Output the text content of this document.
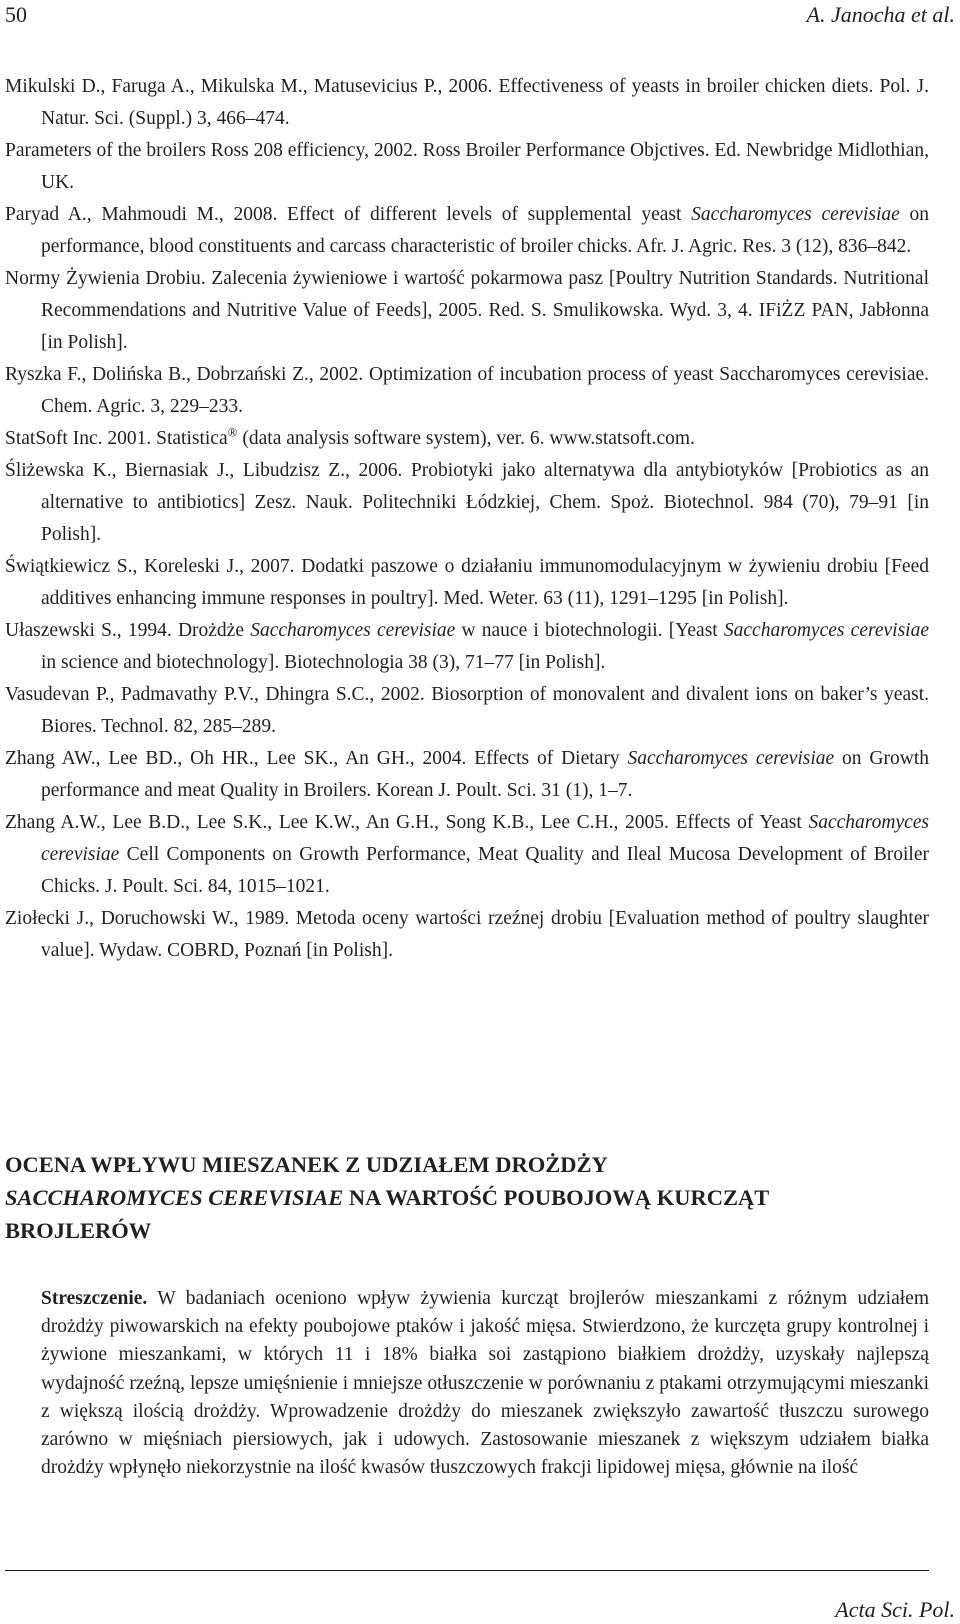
50	A. Janocha et al.

Mikulski D., Faruga A., Mikulska M., Matusevicius P., 2006. Effectiveness of yeasts in broiler chicken diets. Pol. J. Natur. Sci. (Suppl.) 3, 466–474.

Parameters of the broilers Ross 208 efficiency, 2002. Ross Broiler Performance Objctives. Ed. Newbridge Midlothian, UK.

Paryad A., Mahmoudi M., 2008. Effect of different levels of supplemental yeast Saccharomyces cerevisiae on performance, blood constituents and carcass characteristic of broiler chicks. Afr. J. Agric. Res. 3 (12), 836–842.

Normy Żywienia Drobiu. Zalecenia żywieniowe i wartość pokarmowa pasz [Poultry Nutrition Standards. Nutritional Recommendations and Nutritive Value of Feeds], 2005. Red. S. Smulikowska. Wyd. 3, 4. IFiŻZ PAN, Jabłonna [in Polish].

Ryszka F., Dolińska B., Dobrzański Z., 2002. Optimization of incubation process of yeast Saccharomyces cerevisiae. Chem. Agric. 3, 229–233.

StatSoft Inc. 2001. Statistica® (data analysis software system), ver. 6. www.statsoft.com.

Śliżewska K., Biernasiak J., Libudzisz Z., 2006. Probiotyki jako alternatywa dla antybiotyków [Probiotics as an alternative to antibiotics] Zesz. Nauk. Politechniki Łódzkiej, Chem. Spoż. Biotechnol. 984 (70), 79–91 [in Polish].

Świątkiewicz S., Koreleski J., 2007. Dodatki paszowe o działaniu immunomodulacyjnym w żywieniu drobiu [Feed additives enhancing immune responses in poultry]. Med. Weter. 63 (11), 1291–1295 [in Polish].

Ułaszewski S., 1994. Drożdże Saccharomyces cerevisiae w nauce i biotechnologii. [Yeast Saccharomyces cerevisiae in science and biotechnology]. Biotechnologia 38 (3), 71–77 [in Polish].

Vasudevan P., Padmavathy P.V., Dhingra S.C., 2002. Biosorption of monovalent and divalent ions on baker’s yeast. Biores. Technol. 82, 285–289.

Zhang AW., Lee BD., Oh HR., Lee SK., An GH., 2004. Effects of Dietary Saccharomyces cerevisiae on Growth performance and meat Quality in Broilers. Korean J. Poult. Sci. 31 (1), 1–7.

Zhang A.W., Lee B.D., Lee S.K., Lee K.W., An G.H., Song K.B., Lee C.H., 2005. Effects of Yeast Saccharomyces cerevisiae Cell Components on Growth Performance, Meat Quality and Ileal Mucosa Development of Broiler Chicks. J. Poult. Sci. 84, 1015–1021.

Ziołecki J., Doruchowski W., 1989. Metoda oceny wartości rzeźnej drobiu [Evaluation method of poultry slaughter value]. Wydaw. COBRD, Poznań [in Polish].

OCENA WPŁYWU MIESZANEK Z UDZIAŁEM DROŻDŻY
SACCHAROMYCES CEREVISIAE NA WARTOŚĆ POUBOJOWĄ KURCZĄT
BROJLERÓW
Streszczenie. W badaniach oceniono wpływ żywienia kurcząt brojlerów mieszankami z różnym udziałem drożdży piwowarskich na efekty poubojowe ptaków i jakość mięsa. Stwierdzono, że kurczęta grupy kontrolnej i żywione mieszankami, w których 11 i 18% białka soi zastąpiono białkiem drożdży, uzyskały najlepszą wydajność rzeźną, lepsze umięśnienie i mniejsze otłuszczenie w porównaniu z ptakami otrzymującymi mieszanki z większą ilością drożdży. Wprowadzenie drożdży do mieszanek zwiększyło zawartość tłuszczu surowego zarówno w mięśniach piersiowych, jak i udowych. Zastosowanie mieszanek z większym udziałem białka drożdży wpłynęło niekorzystnie na ilość kwasów tłuszczowych frakcji lipidowej mięsa, głównie na ilość
Acta Sci. Pol.
